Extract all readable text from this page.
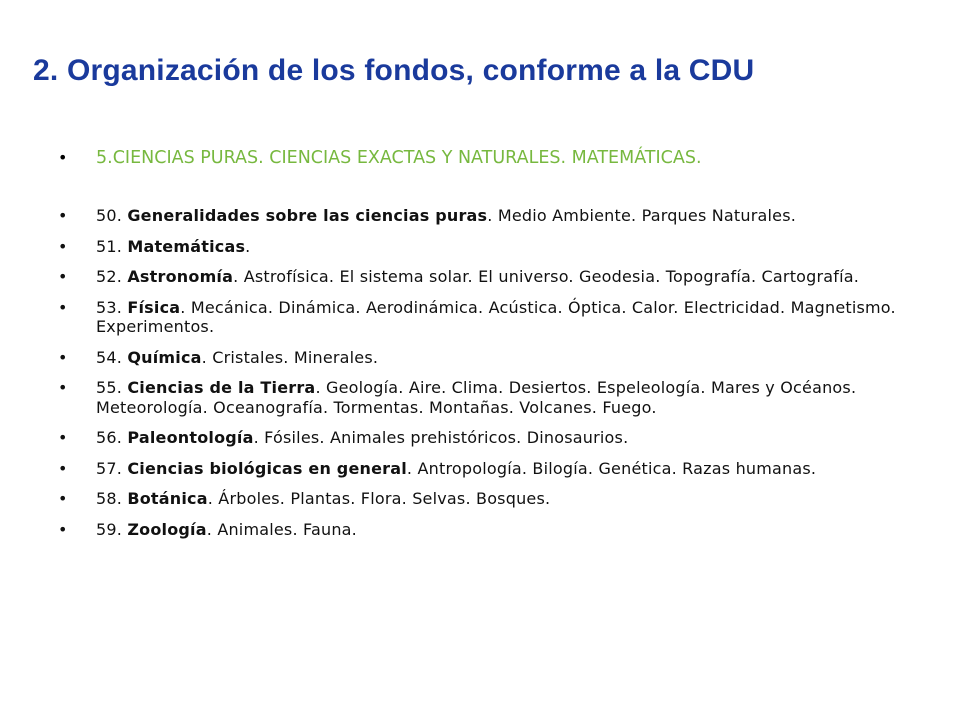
2. Organización de los fondos, conforme a la CDU
•	5.CIENCIAS PURAS. CIENCIAS EXACTAS Y NATURALES. MATEMÁTICAS.
•	50. Generalidades sobre las ciencias puras. Medio Ambiente. Parques Naturales.
•	51. Matemáticas.
•	52. Astronomía. Astrofísica. El sistema solar. El universo. Geodesia. Topografía. Cartografía.
•	53. Física. Mecánica. Dinámica. Aerodinámica. Acústica. Óptica. Calor. Electricidad. Magnetismo. Experimentos.
•	54. Química. Cristales. Minerales.
•	55. Ciencias de la Tierra. Geología. Aire. Clima. Desiertos. Espeleología. Mares y Océanos. Meteorología. Oceanografía. Tormentas. Montañas. Volcanes. Fuego.
•	56. Paleontología. Fósiles. Animales prehistóricos. Dinosaurios.
•	57. Ciencias biológicas en general. Antropología. Bilogía. Genética. Razas humanas.
•	58. Botánica. Árboles. Plantas. Flora. Selvas. Bosques.
•	59. Zoología. Animales. Fauna.
